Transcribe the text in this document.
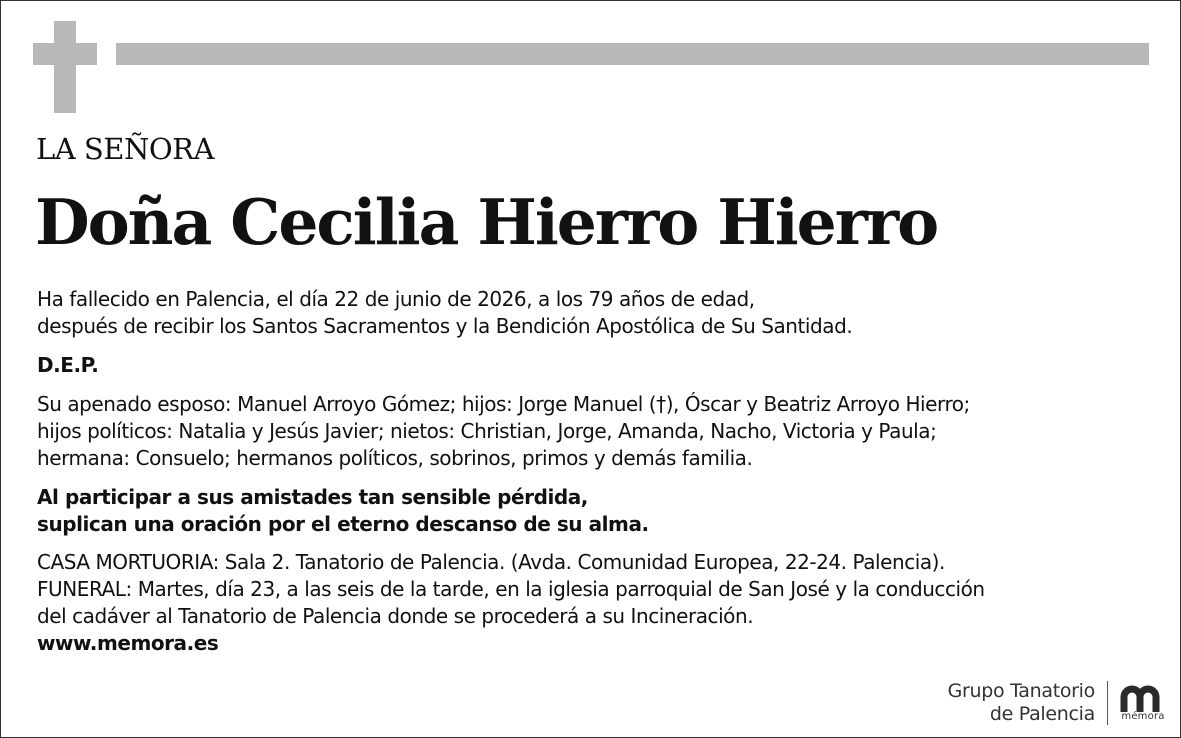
LA SEÑORA
Doña Cecilia Hierro Hierro
Ha fallecido en Palencia, el día 22 de junio de 2026, a los 79 años de edad,
después de recibir los Santos Sacramentos y la Bendición Apostólica de Su Santidad.
D.E.P.
Su apenado esposo: Manuel Arroyo Gómez; hijos: Jorge Manuel (†), Óscar y Beatriz Arroyo Hierro;
hijos políticos: Natalia y Jesús Javier; nietos: Christian, Jorge, Amanda, Nacho, Victoria y Paula;
hermana: Consuelo; hermanos políticos, sobrinos, primos y demás familia.
Al participar a sus amistades tan sensible pérdida,
suplican una oración por el eterno descanso de su alma.
CASA MORTUORIA: Sala 2. Tanatorio de Palencia. (Avda. Comunidad Europea, 22-24. Palencia).
FUNERAL: Martes, día 23, a las seis de la tarde, en la iglesia parroquial de San José y la conducción
del cadáver al Tanatorio de Palencia donde se procederá a su Incineración.
www.memora.es
Grupo Tanatorio
de Palencia	mémora
